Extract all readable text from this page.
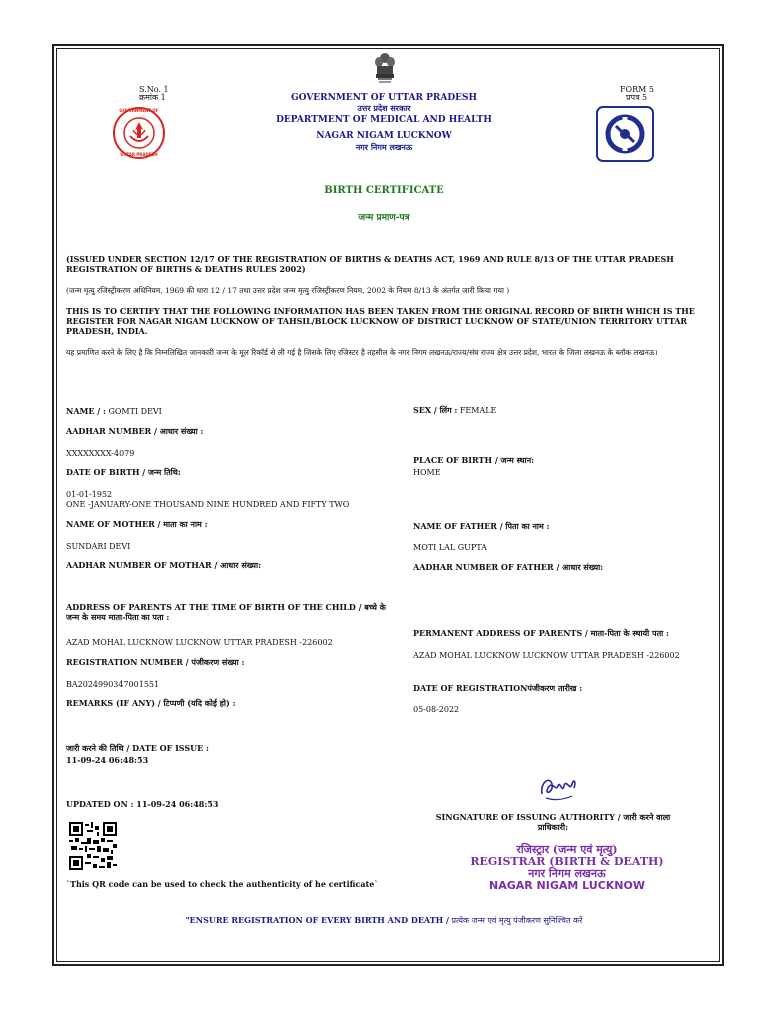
S.No. 1
क्रमांक 1
FORM 5
प्रपत्र 5
GOVERNMENT OF
UTTAR PRADESH
GOVERNMENT OF UTTAR PRADESH
उत्तर प्रदेश सरकार
DEPARTMENT OF MEDICAL AND HEALTH
NAGAR NIGAM LUCKNOW
नगर निगम लखनऊ
BIRTH CERTIFICATE
जन्म प्रमाण-पत्र
(ISSUED UNDER SECTION 12/17 OF THE REGISTRATION OF BIRTHS & DEATHS ACT, 1969 AND RULE 8/13 OF THE UTTAR PRADESH REGISTRATION OF BIRTHS & DEATHS RULES 2002)
(जन्म मृत्यु रजिस्ट्रीकरण अधिनियम, 1969 की धारा 12 / 17 तथा उत्तर प्रदेश जन्म मृत्यु रजिस्ट्रीकरण नियम, 2002 के नियम 8/13 के अंतर्गत जारी किया गया )
THIS IS TO CERTIFY THAT THE FOLLOWING INFORMATION HAS BEEN TAKEN FROM THE ORIGINAL RECORD OF BIRTH WHICH IS THE REGISTER FOR NAGAR NIGAM LUCKNOW OF TAHSIL/BLOCK LUCKNOW OF DISTRICT LUCKNOW OF STATE/UNION TERRITORY UTTAR PRADESH, INDIA.
यह प्रमाणित करने के लिए है कि निम्नलिखित जानकारी जन्म के मूल रिकॉर्ड से ली गई है जिसके लिए रजिस्टर है तहसील के नगर निगम लखनऊ/राज्य/संघ राज्य क्षेत्र उत्तर प्रदेश, भारत के जिला लखनऊ के ब्लॉक लखनऊ।
NAME / : GOMTI DEVI
AADHAR NUMBER / आधार संख्या :
XXXXXXXX-4079
DATE OF BIRTH / जन्म तिथि:
01-01-1952
ONE -JANUARY-ONE THOUSAND NINE HUNDRED AND FIFTY TWO
NAME OF MOTHER / माता का नाम :
SUNDARI DEVI
AADHAR NUMBER OF MOTHAR / आधार संख्या:
ADDRESS OF PARENTS AT THE TIME OF BIRTH OF THE CHILD / बच्चे के जन्म के समय माता-पिता का पता :
AZAD MOHAL LUCKNOW LUCKNOW UTTAR PRADESH -226002
REGISTRATION NUMBER / पंजीकरण संख्या :
BA2024990347001551
REMARKS (IF ANY) / टिप्पणी (यदि कोई हो) :
जारी करने की तिथि / DATE OF ISSUE :
11-09-24 06:48:53
UPDATED ON : 11-09-24 06:48:53
SEX / लिंग : FEMALE
PLACE OF BIRTH / जन्म स्थान:
HOME
NAME OF FATHER / पिता का नाम :
MOTI LAL GUPTA
AADHAR NUMBER OF FATHER / आधार संख्या:
PERMANENT ADDRESS OF PARENTS / माता-पिता के स्थायी पता :
AZAD MOHAL LUCKNOW LUCKNOW UTTAR PRADESH -226002
DATE OF REGISTRATIONपंजीकरण तारीख :
05-08-2022
SINGNATURE OF ISSUING AUTHORITY / जारी करने वाला प्राधिकारी:
रजिस्ट्रार (जन्म एवं मृत्यु)
REGISTRAR (BIRTH & DEATH)
नगर निगम लखनऊ
NAGAR NIGAM LUCKNOW
`This QR code can be used to check the authenticity of he certificate`
"ENSURE REGISTRATION OF EVERY BIRTH AND DEATH / प्रत्येक जन्म एवं मृत्यु पंजीकरण सुनिश्चित करें
